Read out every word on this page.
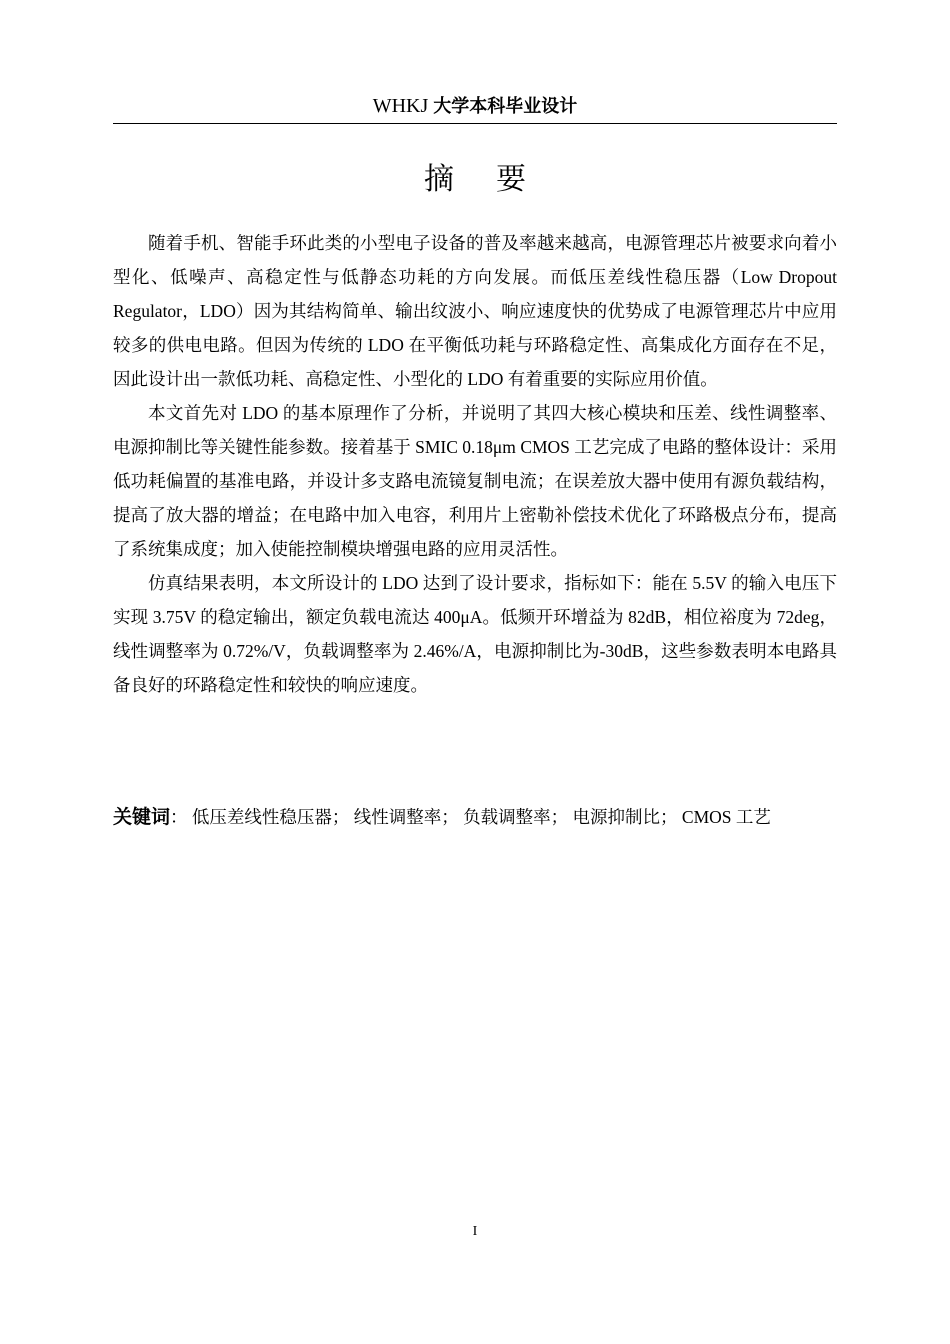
WHKJ 大学本科毕业设计
摘要

随着手机、智能手环此类的小型电子设备的普及率越来越高，电源管理芯片被要求向着小型化、低噪声、高稳定性与低静态功耗的方向发展。而低压差线性稳压器（Low Dropout Regulator，LDO）因为其结构简单、输出纹波小、响应速度快的优势成了电源管理芯片中应用较多的供电电路。但因为传统的 LDO 在平衡低功耗与环路稳定性、高集成化方面存在不足，因此设计出一款低功耗、高稳定性、小型化的 LDO 有着重要的实际应用价值。

本文首先对 LDO 的基本原理作了分析，并说明了其四大核心模块和压差、线性调整率、电源抑制比等关键性能参数。接着基于 SMIC 0.18μm CMOS 工艺完成了电路的整体设计：采用低功耗偏置的基准电路，并设计多支路电流镜复制电流；在误差放大器中使用有源负载结构，提高了放大器的增益；在电路中加入电容，利用片上密勒补偿技术优化了环路极点分布，提高了系统集成度；加入使能控制模块增强电路的应用灵活性。

仿真结果表明，本文所设计的 LDO 达到了设计要求，指标如下：能在 5.5V 的输入电压下实现 3.75V 的稳定输出，额定负载电流达 400μA。低频开环增益为 82dB，相位裕度为 72deg，线性调整率为 0.72%/V，负载调整率为 2.46%/A，电源抑制比为-30dB，这些参数表明本电路具备良好的环路稳定性和较快的响应速度。

关键词： 低压差线性稳压器； 线性调整率； 负载调整率； 电源抑制比； CMOS 工艺
I
